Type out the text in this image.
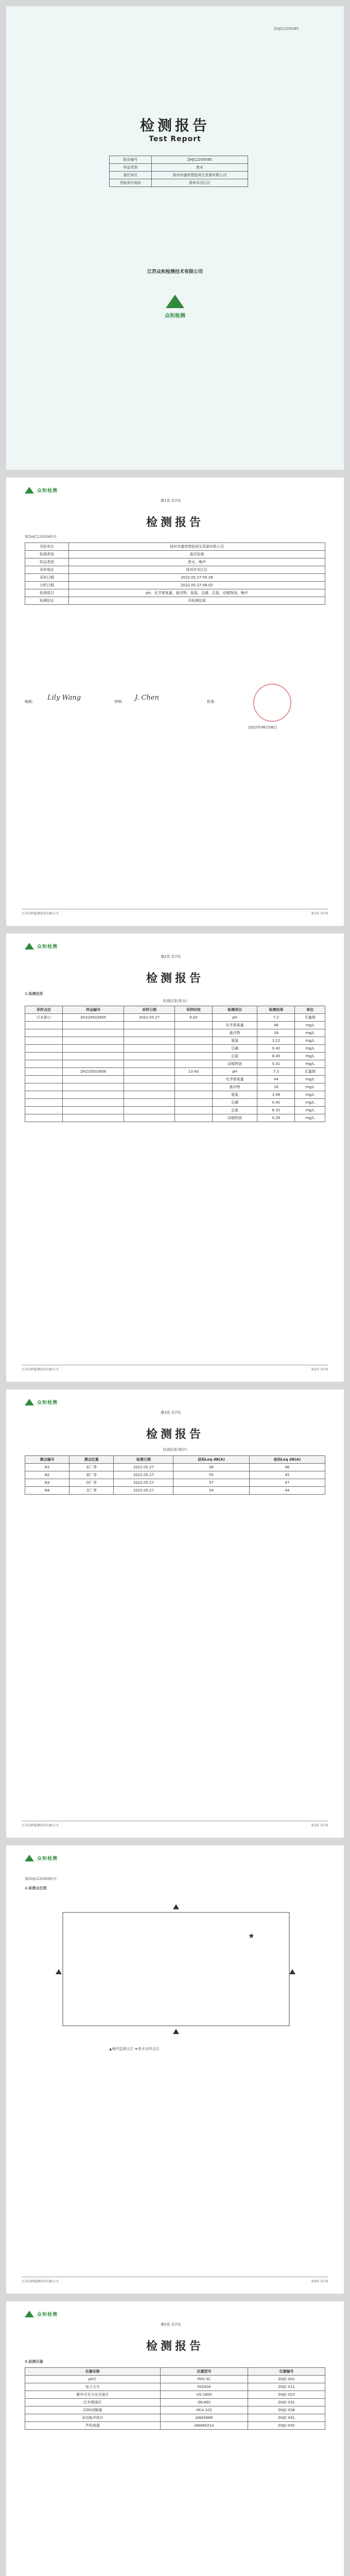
ZHJC2205085
检测报告
Test Report
报告编号	ZHJC2205085
样品类别	废水
委托单位	扬州市盛荣塑胶再生资源有限公司
受检单位地址	扬州市邗江区
江苏众和检测技术有限公司
众和检测
众和检测
第1页 共7页
检测报告
第ZHJC2205085号
受检单位	扬州市盛荣塑胶再生资源有限公司
检测类别	委托检测
样品类别	废水、噪声
采样地址	扬州市邗江区
采样日期	2022.05.27-05.28
分析日期	2022.05.27-06.02
检测项目	pH、化学需氧量、悬浮物、氨氮、总磷、总氮、动植物油、噪声
检测结论	见检测结果
Lily Wang	J. Chen
编制:	审核:	批准:
2022年06月06日
江苏众和检测技术有限公司	第1页 共7页
众和检测
第2页 共7页
检测报告
1.检测结果
检测结果(废水)
采样点位	样品编号	采样日期	采样时间	检测项目	检测结果	单位
污水排口	ZH220502805	2022.05.27	9:20	pH	7.2	无量纲
				化学需氧量	46	mg/L
				悬浮物	18	mg/L
				氨氮	3.12	mg/L
				总磷	0.42	mg/L
				总氮	8.45	mg/L
				动植物油	0.31	mg/L
	ZH220502806		13:40	pH	7.3	无量纲
				化学需氧量	44	mg/L
				悬浮物	16	mg/L
				氨氮	3.08	mg/L
				总磷	0.40	mg/L
				总氮	8.32	mg/L
				动植物油	0.29	mg/L
江苏众和检测技术有限公司	第2页 共7页
众和检测
第3页 共7页
检测报告
检测结果(噪声)
测点编号	测点位置	检测日期	昼间Leq dB(A)	夜间Leq dB(A)
N1	东厂界	2022.05.27	56	46
N2	南厂界	2022.05.27	55	45
N3	西厂界	2022.05.27	57	47
N4	北厂界	2022.05.27	54	44
江苏众和检测技术有限公司	第3页 共7页
众和检测
第ZHJC2205085号
2.检测点位图
★
▲噪声监测点位 ★废水采样点位
江苏众和检测技术有限公司	第4页 共7页
众和检测
第5页 共7页
检测报告
3.检测仪器
仪器名称	仪器型号	仪器编号
pH计	PHS-3C	ZHJC-001
电子天平	FA2004	ZHJC-012
紫外可见分光光度计	UV-1800	ZHJC-023
红外测油仪	OIL460	ZHJC-031
COD消解器	HCA-102	ZHJC-036
多功能声级计	AWA5688	ZHJC-041
声校准器	AWA6021A	ZHJC-042
